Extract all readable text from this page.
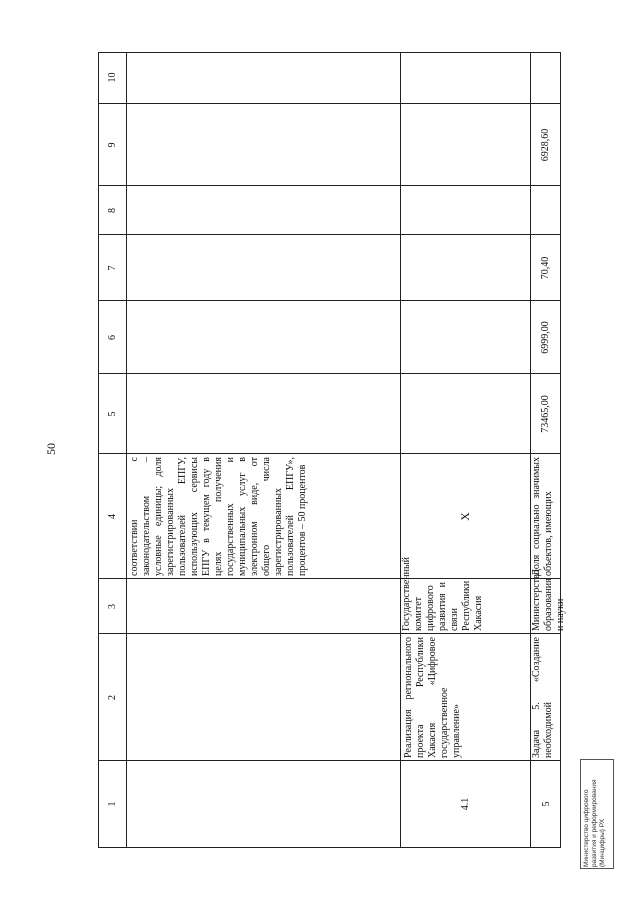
50
1
2
3
4
5
6
7
8
9
10
соответствии с законодательством – условные единицы; доля зарегистрированных пользователей ЕПГУ, использующих сервисы ЕПГУ в текущем году в целях получения государственных и муниципальных услуг в электронном виде, от общего числа зарегистрированных пользователей ЕПГУ», процентов – 50 процентов
4.1
Реализация регионального проекта Республики Хакасия «Цифровое государственное управление»
Государственный комитет цифрового развития и связи Республики Хакасия
Х
5
Задача 5. «Создание необходимой
Министерство образования и науки
Доля социально значимых объектов, имеющих
73465,00
6999,00
70,40
6928,60
Министерство цифрового развития и реформирования (Минцифры) РХ
